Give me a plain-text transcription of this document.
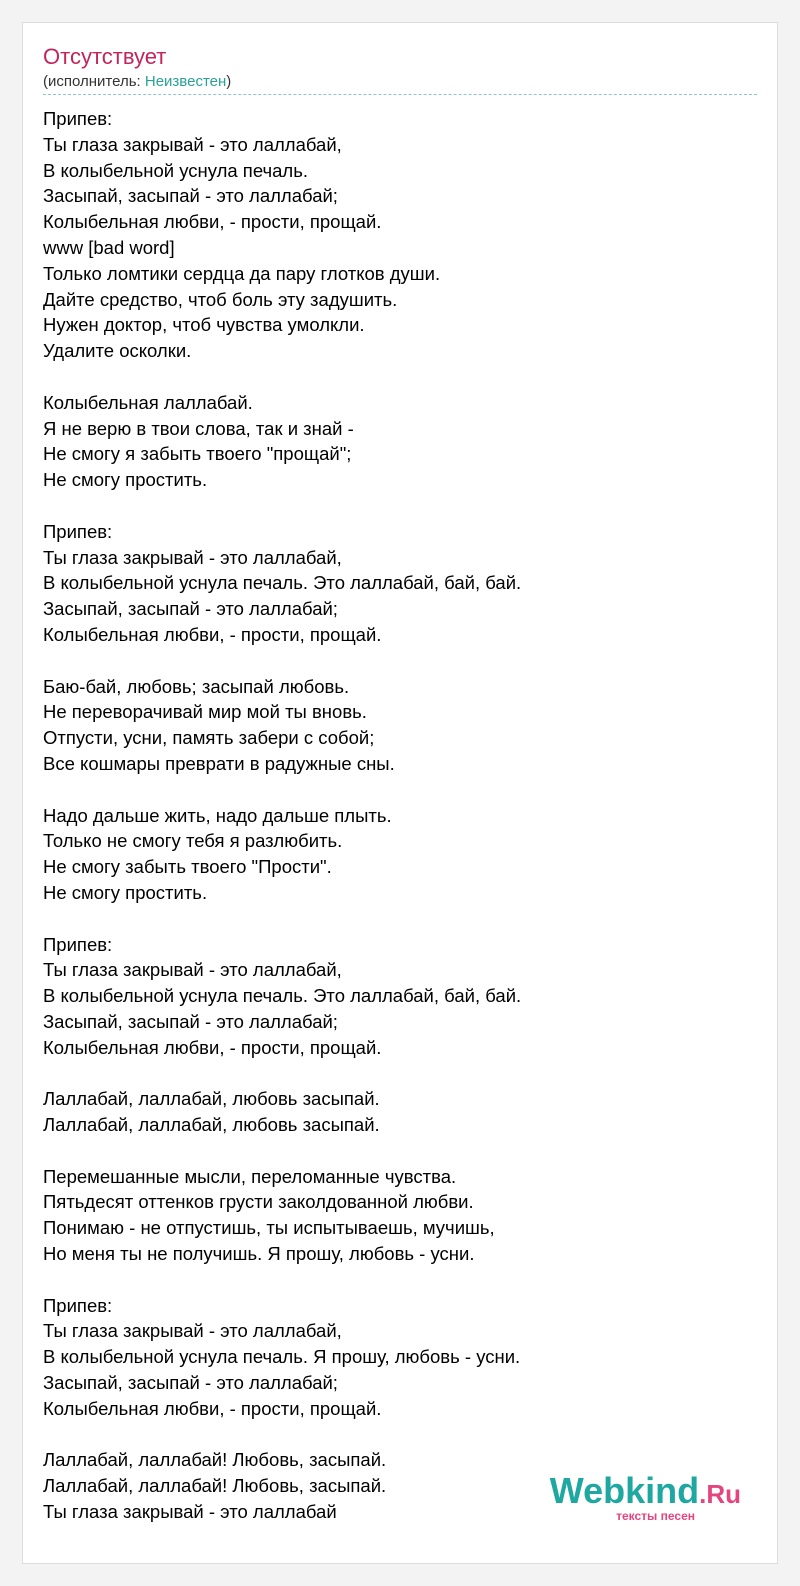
Отсутствует
(исполнитель: Неизвестен)
Припев:
Ты глаза закрывай - это лаллабай,
В колыбельной уснула печаль.
Засыпай, засыпай - это лаллабай;
Колыбельная любви, - прости, прощай.
www [bad word]
Только ломтики сердца да пару глотков души.
Дайте средство, чтоб боль эту задушить.
Нужен доктор, чтоб чувства умолкли.
Удалите осколки.
Колыбельная лаллабай.
Я не верю в твои слова, так и знай -
Не смогу я забыть твоего "прощай";
Не смогу простить.
Припев:
Ты глаза закрывай - это лаллабай,
В колыбельной уснула печаль. Это лаллабай, бай, бай.
Засыпай, засыпай - это лаллабай;
Колыбельная любви, - прости, прощай.
Баю-бай, любовь; засыпай любовь.
Не переворачивай мир мой ты вновь.
Отпусти, усни, память забери с собой;
Все кошмары преврати в радужные сны.
Надо дальше жить, надо дальше плыть.
Только не смогу тебя я разлюбить.
Не смогу забыть твоего "Прости".
Не смогу простить.
Припев:
Ты глаза закрывай - это лаллабай,
В колыбельной уснула печаль. Это лаллабай, бай, бай.
Засыпай, засыпай - это лаллабай;
Колыбельная любви, - прости, прощай.
Лаллабай, лаллабай, любовь засыпай.
Лаллабай, лаллабай, любовь засыпай.
Перемешанные мысли, переломанные чувства.
Пятьдесят оттенков грусти заколдованной любви.
Понимаю - не отпустишь, ты испытываешь, мучишь,
Но меня ты не получишь. Я прошу, любовь - усни.
Припев:
Ты глаза закрывай - это лаллабай,
В колыбельной уснула печаль. Я прошу, любовь - усни.
Засыпай, засыпай - это лаллабай;
Колыбельная любви, - прости, прощай.
Лаллабай, лаллабай! Любовь, засыпай.
Лаллабай, лаллабай! Любовь, засыпай.
Ты глаза закрывай - это лаллабай
Webkind.Ru
тексты песен
